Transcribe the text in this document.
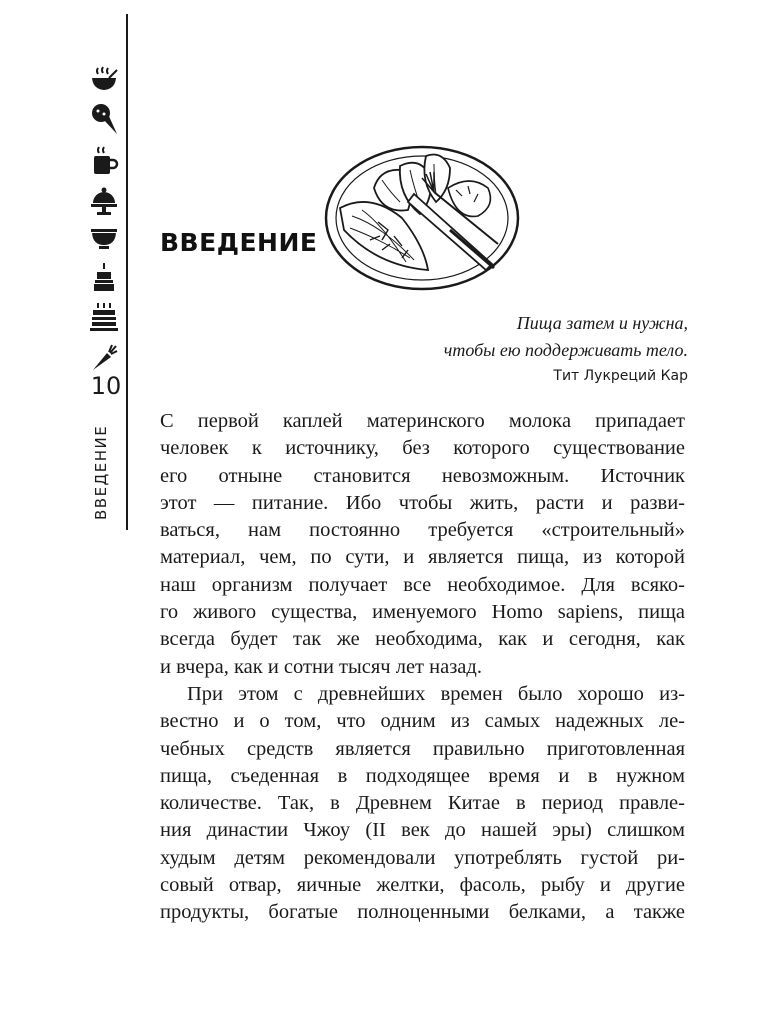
10
ВВЕДЕНИЕ
ВВЕДЕНИЕ
Пища затем и нужна,
чтобы ею поддерживать тело.
Тит Лукреций Кар

С первой каплей материнского молока припадает
человек к источнику, без которого существование
его отныне становится невозможным. Источник
этот — питание. Ибо чтобы жить, расти и разви-
ваться, нам постоянно требуется «строительный»
материал, чем, по сути, и является пища, из которой
наш организм получает все необходимое. Для всяко-
го живого существа, именуемого Homo sapiens, пища
всегда будет так же необходима, как и сегодня, как
и вчера, как и сотни тысяч лет назад.

При этом с древнейших времен было хорошо из-
вестно и о том, что одним из самых надежных ле-
чебных средств является правильно приготовленная
пища, съеденная в подходящее время и в нужном
количестве. Так, в Древнем Китае в период правле-
ния династии Чжоу (II век до нашей эры) слишком
худым детям рекомендовали употреблять густой ри-
совый отвар, яичные желтки, фасоль, рыбу и другие
продукты, богатые полноценными белками, а также
